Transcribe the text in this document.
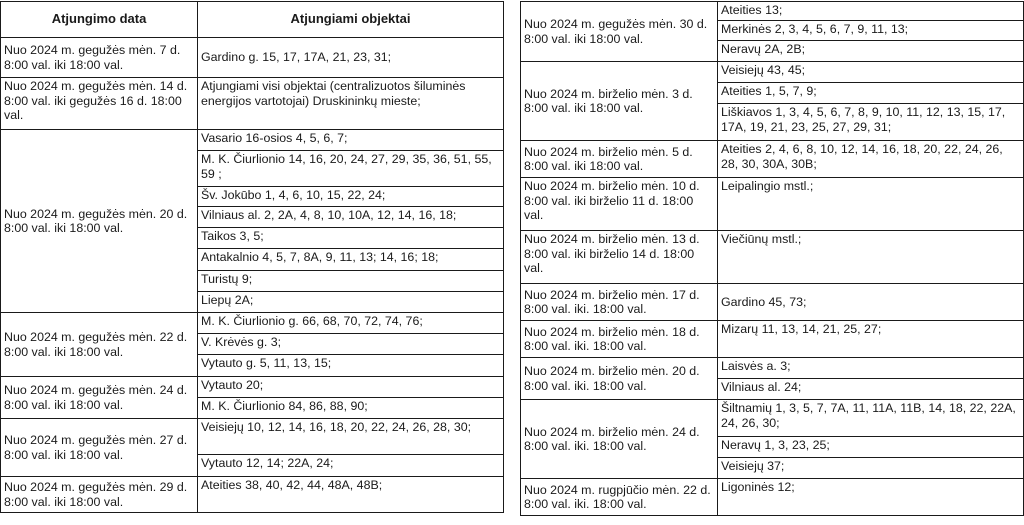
Atjungimo data	Atjungiami objektai
Nuo 2024 m. gegužės mėn. 7 d. 8:00 val. iki 18:00 val.	Gardino g. 15, 17, 17A, 21, 23, 31;
Nuo 2024 m. gegužės mėn. 14 d. 8:00 val. iki gegužės 16 d. 18:00 val.	Atjungiami visi objektai (centralizuotos šiluminės energijos vartotojai) Druskininkų mieste;
Nuo 2024 m. gegužės mėn. 20 d. 8:00 val. iki 18:00 val.	Vasario 16-osios 4, 5, 6, 7;
	M. K. Čiurlionio 14, 16, 20, 24, 27, 29, 35, 36, 51, 55, 59 ;
	Šv. Jokūbo 1, 4, 6, 10, 15, 22, 24;
	Vilniaus al. 2, 2A, 4, 8, 10, 10A, 12, 14, 16, 18;
	Taikos 3, 5;
	Antakalnio 4, 5, 7, 8A, 9, 11, 13; 14, 16; 18;
	Turistų 9;
	Liepų 2A;
Nuo 2024 m. gegužės mėn. 22 d. 8:00 val. iki 18:00 val.	M. K. Čiurlionio g. 66, 68, 70, 72, 74, 76;
	V. Krėvės g. 3;
	Vytauto g. 5, 11, 13, 15;
Nuo 2024 m. gegužės mėn. 24 d. 8:00 val. iki 18:00 val.	Vytauto 20;
	M. K. Čiurlionio 84, 86, 88, 90;
Nuo 2024 m. gegužės mėn. 27 d. 8:00 val. iki 18:00 val.	Veisiejų 10, 12, 14, 16, 18, 20, 22, 24, 26, 28, 30;
	Vytauto 12, 14; 22A, 24;
Nuo 2024 m. gegužės mėn. 29 d. 8:00 val. iki 18:00 val.	Ateities 38, 40, 42, 44, 48A, 48B;
Nuo 2024 m. gegužės mėn. 30 d. 8:00 val. iki 18:00 val.	Ateities 13;
	Merkinės 2, 3, 4, 5, 6, 7, 9, 11, 13;
	Neravų 2A, 2B;
Nuo 2024 m. birželio mėn. 3 d. 8:00 val. iki 18:00 val.	Veisiejų 43, 45;
	Ateities 1, 5, 7, 9;
	Liškiavos 1, 3, 4, 5, 6, 7, 8, 9, 10, 11, 12, 13, 15, 17, 17A, 19, 21, 23, 25, 27, 29, 31;
Nuo 2024 m. birželio mėn. 5 d. 8:00 val. iki 18:00 val.	Ateities 2, 4, 6, 8, 10, 12, 14, 16, 18, 20, 22, 24, 26, 28, 30, 30A, 30B;
Nuo 2024 m. birželio mėn. 10 d. 8:00 val. iki birželio 11 d. 18:00 val.	Leipalingio mstl.;
Nuo 2024 m. birželio mėn. 13 d. 8:00 val. iki birželio 14 d. 18:00 val.	Viečiūnų mstl.;
Nuo 2024 m. birželio mėn. 17 d. 8:00 val. iki. 18:00 val.	Gardino 45, 73;
Nuo 2024 m. birželio mėn. 18 d. 8:00 val. iki. 18:00 val.	Mizarų 11, 13, 14, 21, 25, 27;
Nuo 2024 m. birželio mėn. 20 d. 8:00 val. iki. 18:00 val.	Laisvės a. 3;
	Vilniaus al. 24;
Nuo 2024 m. birželio mėn. 24 d. 8:00 val. iki. 18:00 val.	Šiltnamių 1, 3, 5, 7, 7A, 11, 11A, 11B, 14, 18, 22, 22A, 24, 26, 30;
	Neravų 1, 3, 23, 25;
	Veisiejų 37;
Nuo 2024 m. rugpjūčio mėn. 22 d. 8:00 val. iki. 18:00 val.	Ligoninės 12;
